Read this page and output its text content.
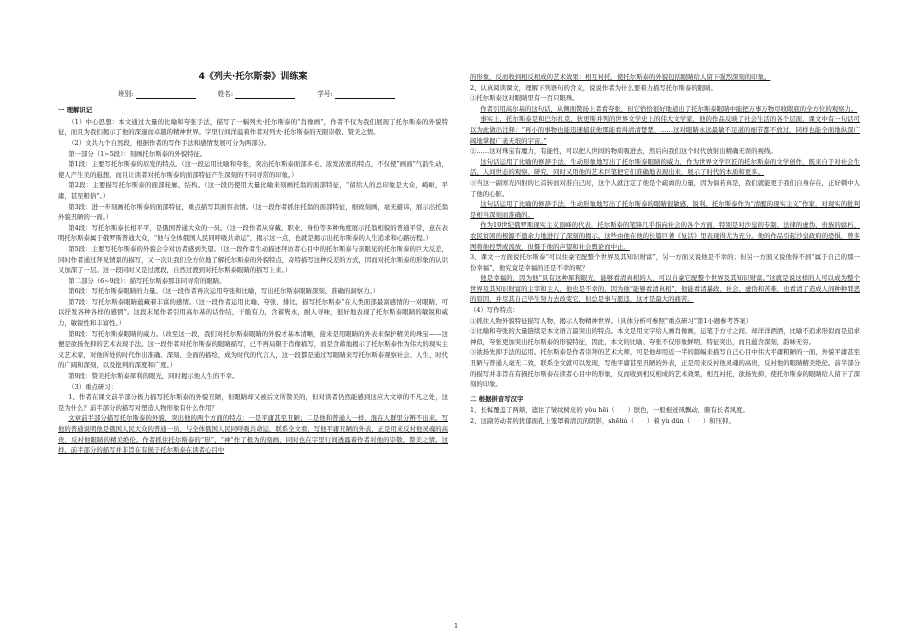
4《列夫·托尔斯泰》训练案
班别:	姓名:	学号:
一 理解识记

（1）中心思想：本文通过大量的比喻和夸张手法，描写了一幅列夫·托尔斯泰的“肖像画”，作者不仅为我们展现了托尔斯泰的外貌特征，而且为我们揭示了他的深邃而卓越的精神世界。字里行间洋溢着作者对列夫·托尔斯泰的无限崇敬、赞美之情。

（2）文共九个自然段，根据作者的写作手法和感情发展可分为两部分。

第一部分（1~5段）：刻画托尔斯泰的外貌特征。

第1段：主要写托尔斯泰的眉发的特点。（这一段运用比喻和夸张，突出托尔斯泰面部多毛、浓发浓密的特点，不仅使“画面”气韵生动，使人产生美的遐想，而且让读者对托尔斯泰的面部特征产生深刻的不同寻常的印象。）

第2段：主要描写托尔斯泰的面部轮廓、结构。（这一段仍使用大量比喻来刻画托翁的面部特征，“留给人的总印象是大众，崎岖，平庸，甚至粗俗”。）

第3段：进一步刻画托尔斯泰的面部特征，重点描写其面容表情。（这一段作者抓住托翁的面部特征，细致刻画，毫无避讳，展示出托翁外貌丑陋的一面。）

第4段：写托尔斯泰长相平平，是俄国普通大众的一员。（这一段作者从穿戴、职业、身份等多种角度展示托翁相貌的普通平常，意在表明托尔斯泰属于俄罗斯普通大众，“他与全体俄国人民同呼吸共命运”，揭示这一点，也就是揭示出托尔斯泰的人生追求和心路历程。）

第5段：主要写托尔斯泰的外貌会令对访者感到失望。（这一段作者生动描述拜访者心目中的托尔斯泰与亲眼见的托尔斯泰的巨大反差，同时作者通过拜见情景的描写，又一次让我们全方位地了解托尔斯泰的外貌特点，奇特描写这种反差的方式，因而对托尔斯泰的形象的认识又加深了一层。这一段同时又是过渡段，自然过渡到对托尔斯泰眼睛的描写上来。）

第二部分（6~9段）：描写托尔斯泰那非同寻常的眼睛。

第6段：写托尔斯泰眼睛的力量。（这一段作者再次运用夸张和比喻，写出托尔斯泰眼睛深刻、准确的洞察力。）

第7段：写托尔斯泰眼睛蕴藏着丰富的感情。（这一段作者运用比喻、夸张、排比，描写托尔斯泰“在人类面部最富感情的一对眼睛，可以抒发各种各样的感情”。这段末尾作者引用高尔基的话作结，干脆有力，含蓄隽永，耐人寻味，很好地表现了托尔斯泰眼睛的敏锐和威力，敏锐性和丰富性。）

第8段：写托尔斯泰眼睛的威力。（改至这一段，我们对托尔斯泰眼睛的外貌才基本清晰，接来是用眼睛的外表来保护精美的珠宝——这便是欲扬先抑的艺术表现手法。这一段作者对托尔斯泰的眼睛描写，已不再局限于肖像描写，而是含蓄地揭示了托尔斯泰作为伟大的现实主义艺术家，对他所处的时代作出准确、深刻、全面的描绘，成为时代的代言人，这一段都是通过写眼睛来写托尔斯泰观察社会、人生、时代的广阔和深刻，以及批判的深度和广度。）

第9段：赞美托尔斯泰犀利的眼光，同时揭示他人生的不幸。

（3）重点研习：

1、作者在课文前半部分极力描写托尔斯泰的外貌丑陋，但眼睛却又被后文所赞美的，但对读者仍然能感到这应大文章的不凡之处，这是为什么？前半部分的描写对塑造人物形象有什么作用？

文章前半部分描写托尔斯泰的外貌，突出他的两个方面的特点：一是平庸甚至丑陋；二是他和普通人一样，混在人群里分辨不出来。写他的普通说明他是俄国人民大众的普通一员，与全体俄国人民同呼吸共命运，联系全文看，写他平庸丑陋的外表，正是用来反衬他灵魂的高贵，反衬他眼睛的精美绝伦。作者抓住托尔斯泰的“形”、“神”作了极为的刻画，同时也在字里行间透露着作者对他的崇敬、赞美之情。这样，前半部分的描写并非旨在有损于托尔斯泰在读者心目中

的形象，反而收到相反相成的艺术效果：相互衬托，使托尔斯泰的外貌包括眼睛给人留下强烈深刻的印象。

2、认真阅读课文，理解下列语句的含义，说说作者为什么要着力描写托尔斯泰的眼睛。

①托尔斯泰这对眼睛里有一百只眼珠。

作者引用高尔基的这句话，从侧面赞扬上者看夸张，但它恰恰很好地道出了托尔斯泰眼睛中能把万事万物尽收眼底的全方位的观察力。

事实上，托尔斯泰是和巴尔扎克、狄更斯并列的世界文学史上的伟大文学家，他的作品反映了社会生活的各个层面，课文中有一句话可以为此做出注释：“再小的事物也能迅速捕获他那能看得清清楚楚，……这对眼睛永远最敏不足道的细节都不放过，同样也能全面地纵深广阔地掌握广袤无垠的宇宙。”

②……这对珠宝有魔力，有能性，可以把人世间的物质吸进去，然后向我们这个时代放射出精确无误的视线。

这句话运用了比喻的修辞手法，生动形象地写出了托尔斯泰眼睛的威力，作为世界文学巨匠的托尔斯泰的文学创作，既来自于对社会生活、人间世态的观察、研究，同时又用他的艺术巨笔把它们准确地表现出来，展示了时代的本质和更多。

③当这一副寒光四射的匕首转而对准自己时，这个人就注定了他是个疏离的力量，因为倘若真是，我们就能更于我们自身存在，正好刺中人了他的心脏。

这句话运用了比喻的修辞手法，生动形象地写出了托尔斯泰的眼睛很敏感、锐利。托尔斯泰作为“清醒的现实主义”作家，对现实的批判是相当深刻而准确的。

作为19世纪俄罗斯现实主义顶峰的代表，托尔斯泰的笔锋几乎指向社会的各个方面，特别是对沙皇的专制、法律的虚伪、贵族的腐朽、农民贫困的根源不遗余力地进行了深刻的揭示。这些由他在他的长篇巨著《复活》里表现得尤为充分。他的作品引起沙皇政府的恐惧，曾多图将他控禁或流放，但慑于他的声望和社会舆论而中止。

3、课文一方面说托尔斯泰“可以住豪宅配整个世界及其知识财富”，另一方面又说他是不幸的；但另一方面又说他得不到“属于自己的那一份幸福”，他究竟是幸福的还是不幸的呢？

他是幸福的，因为他“具有这种犀利眼光，能够看清真相的人，可以自豪它配整个世界及其知识财富。”这就是说这样的人可以成为整个世界及其知识财富的主宰和主人，他也是不幸的，因为他“能够看清真相”，他能看清暴政、社会、虚伪和苦难，也看清了造成人间种种罪恶的原因，并尽其自己毕生努力去改变它，但总是事与愿违，这才是最大的痛苦。

（4）写作特点：

①抓住人物外貌特征描写人物，揭示人物精神世界。（具体分析可参照“重点研习”第1小题参考答案）

②比喻和夸张的大量链续是本文语言最突出的特点。本文是用文字给人画肖像画，运笔于方寸之间，却洋洋洒洒，比喻不追求形似而是追求神似，夸张更加突出托尔斯泰的形貌特征，因此，本文的比喻、夸张不仅形象鲜明，特征突出，而且蕴含深刻，韵味无穷。

③欲扬先抑手法的运用。托尔斯泰是作者崇拜的艺术大师，可是他却用近一半的篇幅来描写自己心目中伟大平庸粗陋的一面，外貌平庸甚至丑陋与普通人毫无二致，联系全文就可以发现，写他平庸甚至丑陋的外表，正是用来反衬他灵魂的高贵，反衬他的眼睛精美绝伦。前半部分的描写并非旨在有损托尔斯泰在读者心目中的形象，反而收到相反相成的艺术效果，相互衬托，欲扬先抑，使托尔斯泰的眼睛给人留下了深刻的印象。

二 根据拼音写汉字

1、长髯覆盖了两颊，遮住了皱纹树皮的 yǒu hēi（　　）肤色，一般根迹风飘动，颇有长者风度。

2、这副劳动者的犹郁面孔上笼罩着清沉的阴影，shēliú（　　）着 yù dūn（　　）和压抑。

1
